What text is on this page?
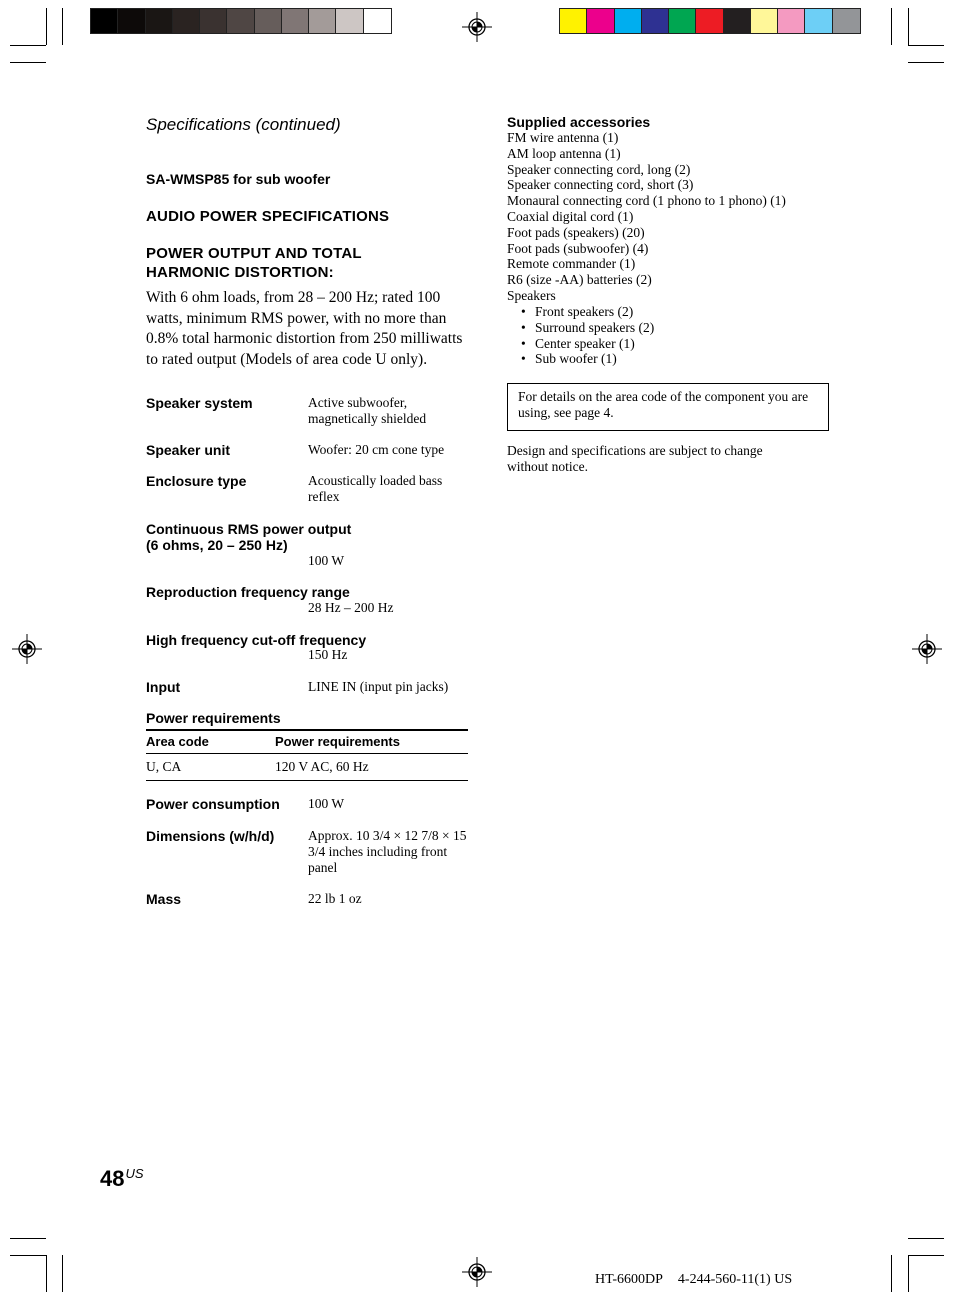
Specifications (continued)
SA-WMSP85 for sub woofer
AUDIO POWER SPECIFICATIONS
POWER OUTPUT AND TOTAL
HARMONIC DISTORTION:
With 6 ohm loads, from 28 – 200 Hz; rated 100 watts, minimum RMS power, with no more than 0.8% total harmonic distortion from 250 milliwatts to rated output (Models of area code U only).
Speaker system	Active subwoofer, magnetically shielded
Speaker unit	Woofer: 20 cm cone type
Enclosure type	Acoustically loaded bass reflex
Continuous RMS power output
(6 ohms, 20 – 250 Hz)
100 W
Reproduction frequency range
28 Hz – 200 Hz
High frequency cut-off frequency
150 Hz
Input	LINE IN (input pin jacks)
Power requirements
Area code	Power requirements
U, CA	120 V AC, 60 Hz
Power consumption 100 W
Dimensions (w/h/d) Approx. 10 3/4 × 12 7/8 × 15 3/4 inches including front panel
Mass	22 lb 1 oz
Supplied accessories
FM wire antenna (1)
AM loop antenna (1)
Speaker connecting cord, long (2)
Speaker connecting cord, short (3)
Monaural connecting cord (1 phono to 1 phono) (1)
Coaxial digital cord (1)
Foot pads (speakers) (20)
Foot pads (subwoofer) (4)
Remote commander (1)
R6 (size -AA) batteries (2)
Speakers
• Front speakers (2)
• Surround speakers (2)
• Center speaker (1)
• Sub woofer (1)
For details on the area code of the component you are using, see page 4.
Design and specifications are subject to change without notice.
$48^{US}$
HT-6600DP 4-244-560-11(1) US
